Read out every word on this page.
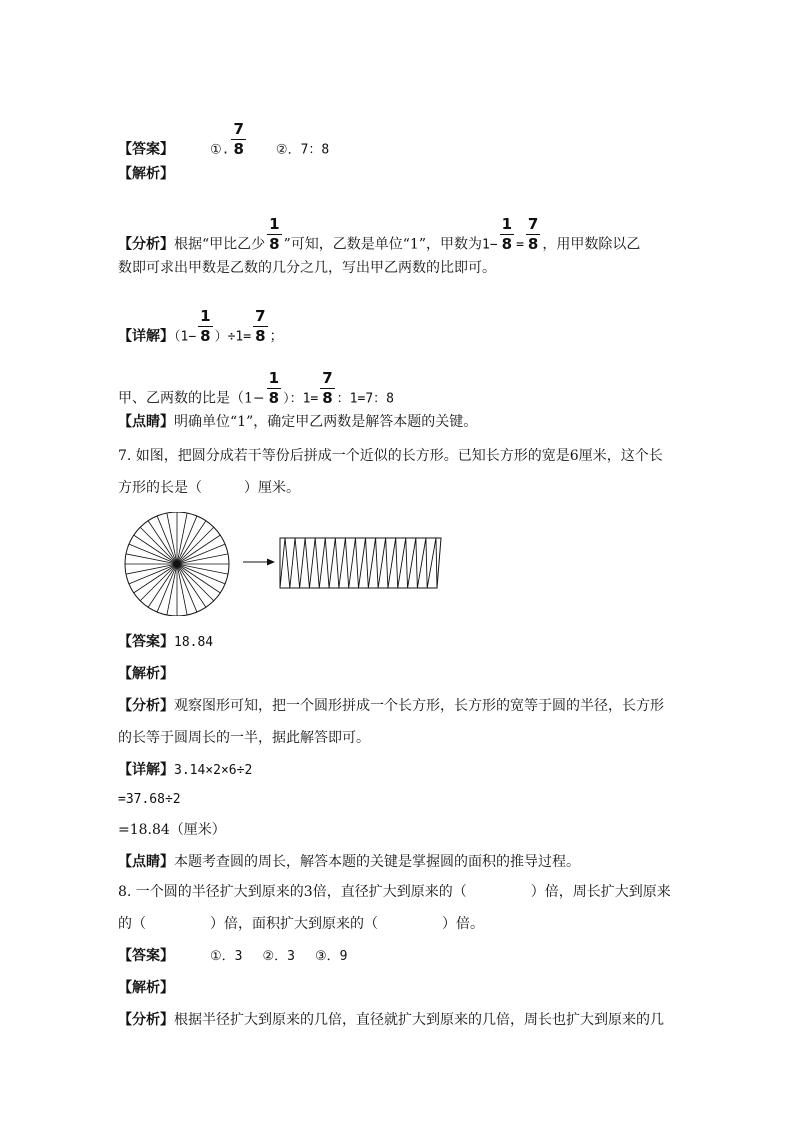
【答案】	①. $\frac{7}{8}$ ②．7：8
【解析】
【分析】根据“甲比乙少 $\frac{1}{8}$ ”可知，乙数是单位“1”，甲数为$1- \frac{1}{8} = \frac{7}{8}$ ，用甲数除以乙
数即可求出甲数是乙数的几分之几，写出甲乙两数的比即可。
【详解】$(1- \frac{1}{8} )\div 1= \frac{7}{8}$ ；
甲、乙两数的比是（$1- \frac{1}{8}$ ）：$1= \frac{7}{8}$ ：1=7：8
【点睛】明确单位“1”，确定甲乙两数是解答本题的关键。
7. 如图，把圆分成若干等份后拼成一个近似的长方形。已知长方形的宽是6厘米，这个长
方形的长是（　　　）厘米。
【答案】18.84
【解析】
【分析】观察图形可知，把一个圆形拼成一个长方形，长方形的宽等于圆的半径，长方形
的长等于圆周长的一半，据此解答即可。
【详解】3.14×2×6÷2
=37.68÷2
=18.84（厘米）
【点睛】本题考查圆的周长，解答本题的关键是掌握圆的面积的推导过程。
8. 一个圆的半径扩大到原来的3倍，直径扩大到原来的（	）倍，周长扩大到原来
的（	）倍，面积扩大到原来的（	）倍。
【答案】	①．3 ②．3 ③．9
【解析】
【分析】根据半径扩大到原来的几倍，直径就扩大到原来的几倍，周长也扩大到原来的几
